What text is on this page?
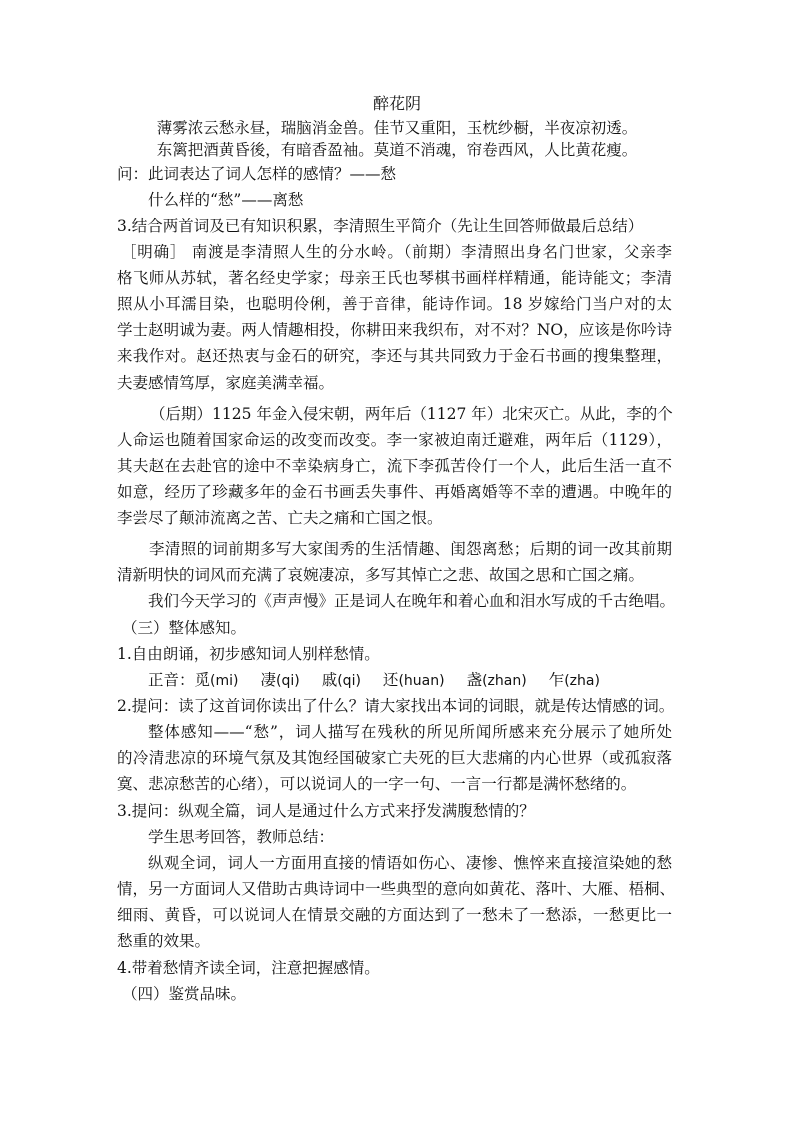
醉花阴
薄雾浓云愁永昼，瑞脑消金兽。佳节又重阳，玉枕纱橱，半夜凉初透。
东篱把酒黄昏後，有暗香盈袖。莫道不消魂，帘卷西风，人比黄花瘦。
问：此词表达了词人怎样的感情？——愁
什么样的“愁”——离愁
3.结合两首词及已有知识积累，李清照生平简介（先让生回答师做最后总结）
［明确］ 南渡是李清照人生的分水岭。（前期）李清照出身名门世家，父亲李
格飞师从苏轼，著名经史学家；母亲王氏也琴棋书画样样精通，能诗能文；李清
照从小耳濡目染，也聪明伶俐，善于音律，能诗作词。18 岁嫁给门当户对的太
学士赵明诚为妻。两人情趣相投，你耕田来我织布，对不对？NO，应该是你吟诗
来我作对。赵还热衷与金石的研究，李还与其共同致力于金石书画的搜集整理，
夫妻感情笃厚，家庭美满幸福。
（后期）1125 年金入侵宋朝，两年后（1127 年）北宋灭亡。从此，李的个
人命运也随着国家命运的改变而改变。李一家被迫南迁避难，两年后（1129），
其夫赵在去赴官的途中不幸染病身亡，流下李孤苦伶仃一个人，此后生活一直不
如意，经历了珍藏多年的金石书画丢失事件、再婚离婚等不幸的遭遇。中晚年的
李尝尽了颠沛流离之苦、亡夫之痛和亡国之恨。
李清照的词前期多写大家闺秀的生活情趣、闺怨离愁；后期的词一改其前期
清新明快的词风而充满了哀婉凄凉，多写其悼亡之悲、故国之思和亡国之痛。
我们今天学习的《声声慢》正是词人在晚年和着心血和泪水写成的千古绝唱。
（三）整体感知。
1.自由朗诵，初步感知词人别样愁情。
正音：觅(mi) 凄(qi) 戚(qi) 还(huan) 盏(zhan) 乍(zha)
2.提问：读了这首词你读出了什么？请大家找出本词的词眼，就是传达情感的词。
整体感知——“愁”，词人描写在残秋的所见所闻所感来充分展示了她所处
的冷清悲凉的环境气氛及其饱经国破家亡夫死的巨大悲痛的内心世界（或孤寂落
寞、悲凉愁苦的心绪），可以说词人的一字一句、一言一行都是满怀愁绪的。
3.提问：纵观全篇，词人是通过什么方式来抒发满腹愁情的？
学生思考回答，教师总结：
纵观全词，词人一方面用直接的情语如伤心、凄惨、憔悴来直接渲染她的愁
情，另一方面词人又借助古典诗词中一些典型的意向如黄花、落叶、大雁、梧桐、
细雨、黄昏，可以说词人在情景交融的方面达到了一愁未了一愁添，一愁更比一
愁重的效果。
4.带着愁情齐读全词，注意把握感情。
（四）鉴赏品味。
